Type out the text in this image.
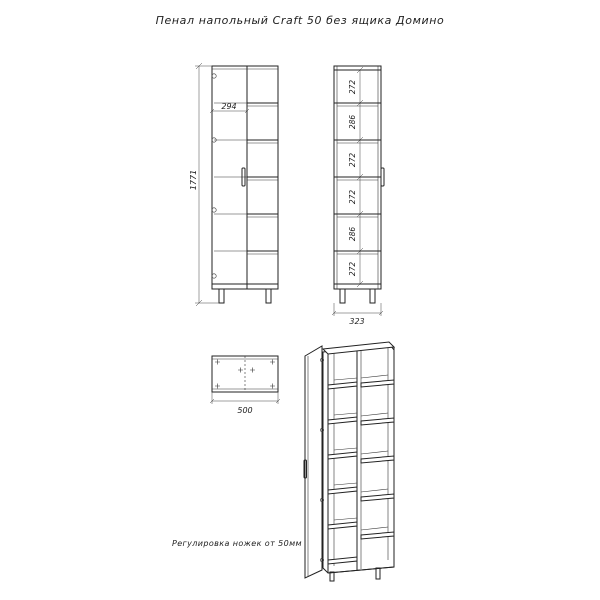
Пенал напольный Craft 50 без ящика Домино
1771
294
272
286
272
272
286
272
323
500
Регулировка ножек от 50мм
